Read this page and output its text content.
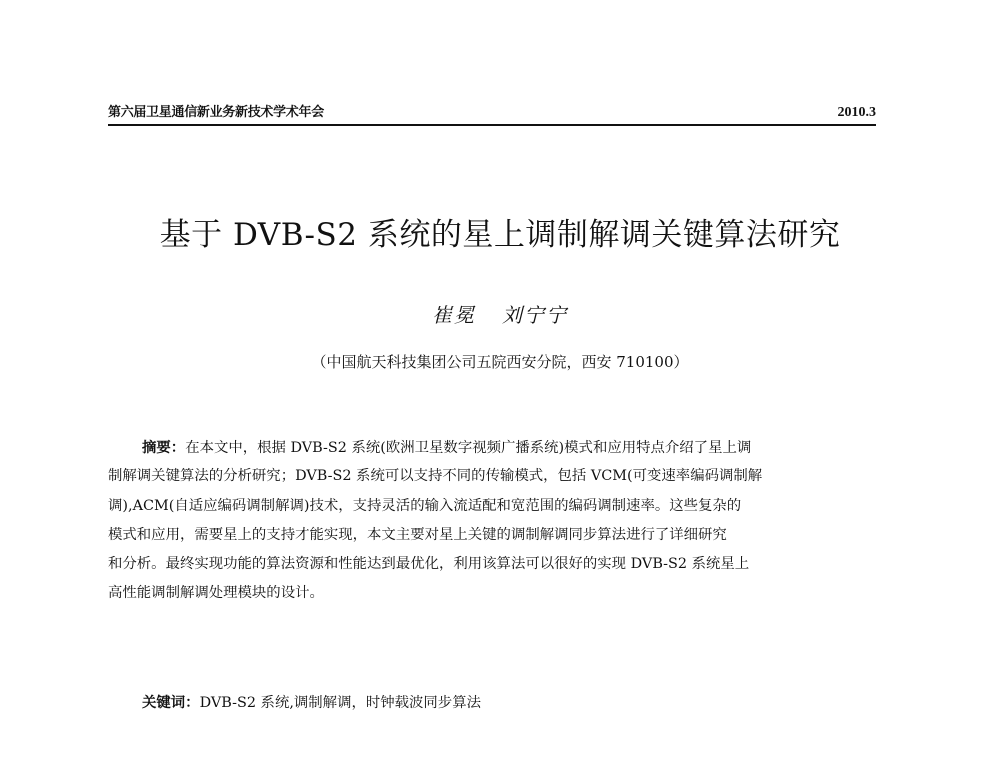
第六届卫星通信新业务新技术学术年会	2010.3
基于 DVB-S2 系统的星上调制解调关键算法研究
崔冕 刘宁宁
（中国航天科技集团公司五院西安分院，西安 710100）
摘要：在本文中，根据 DVB-S2 系统(欧洲卫星数字视频广播系统)模式和应用特点介绍了星上调
制解调关键算法的分析研究；DVB-S2 系统可以支持不同的传输模式，包括 VCM(可变速率编码调制解
调),ACM(自适应编码调制解调)技术，支持灵活的输入流适配和宽范围的编码调制速率。这些复杂的
模式和应用，需要星上的支持才能实现，本文主要对星上关键的调制解调同步算法进行了详细研究
和分析。最终实现功能的算法资源和性能达到最优化，利用该算法可以很好的实现 DVB-S2 系统星上
高性能调制解调处理模块的设计。
关键词：DVB-S2 系统,调制解调，时钟载波同步算法
